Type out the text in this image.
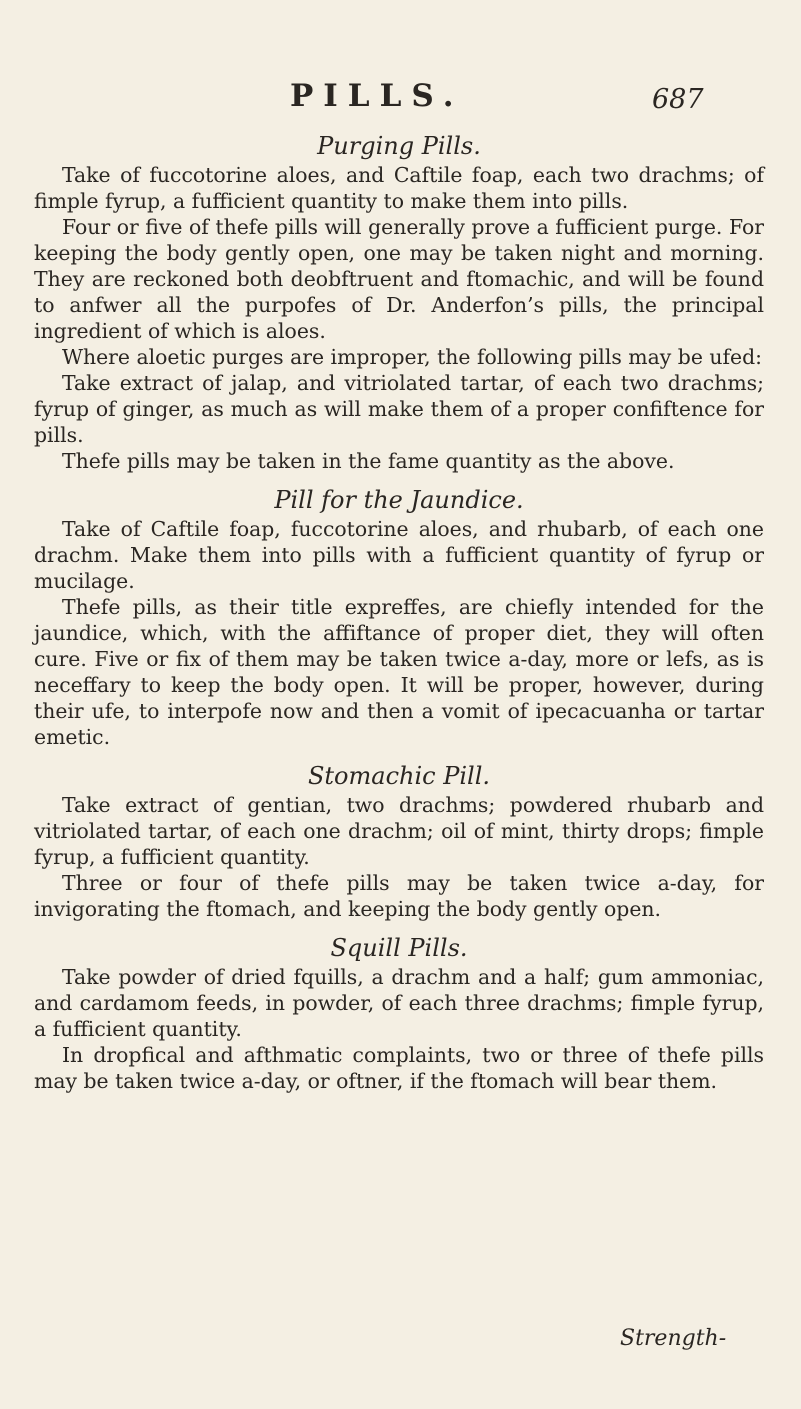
PILLS.	687
Purging Pills.

Take of fuccotorine aloes, and Caftile foap, each two drachms; of fimple fyrup, a fufficient quantity to make them into pills.

Four or five of thefe pills will generally prove a fufficient purge. For keeping the body gently open, one may be taken night and morning. They are reckoned both deobftruent and ftomachic, and will be found to anfwer all the purpofes of Dr. Anderfon’s pills, the principal ingredient of which is aloes.

Where aloetic purges are improper, the following pills may be ufed:

Take extract of jalap, and vitriolated tartar, of each two drachms; fyrup of ginger, as much as will make them of a proper confiftence for pills.

Thefe pills may be taken in the fame quantity as the above.

Pill for the Jaundice.

Take of Caftile foap, fuccotorine aloes, and rhubarb, of each one drachm. Make them into pills with a fufficient quantity of fyrup or mucilage.

Thefe pills, as their title expreffes, are chiefly intended for the jaundice, which, with the affiftance of proper diet, they will often cure. Five or fix of them may be taken twice a-day, more or lefs, as is neceffary to keep the body open. It will be proper, however, during their ufe, to interpofe now and then a vomit of ipecacuanha or tartar emetic.

Stomachic Pill.

Take extract of gentian, two drachms; powdered rhubarb and vitriolated tartar, of each one drachm; oil of mint, thirty drops; fimple fyrup, a fufficient quantity.

Three or four of thefe pills may be taken twice a-day, for invigorating the ftomach, and keeping the body gently open.

Squill Pills.

Take powder of dried fquills, a drachm and a half; gum ammoniac, and cardamom feeds, in powder, of each three drachms; fimple fyrup, a fufficient quantity.

In dropfical and afthmatic complaints, two or three of thefe pills may be taken twice a-day, or oftner, if the ftomach will bear them.

Strength-
